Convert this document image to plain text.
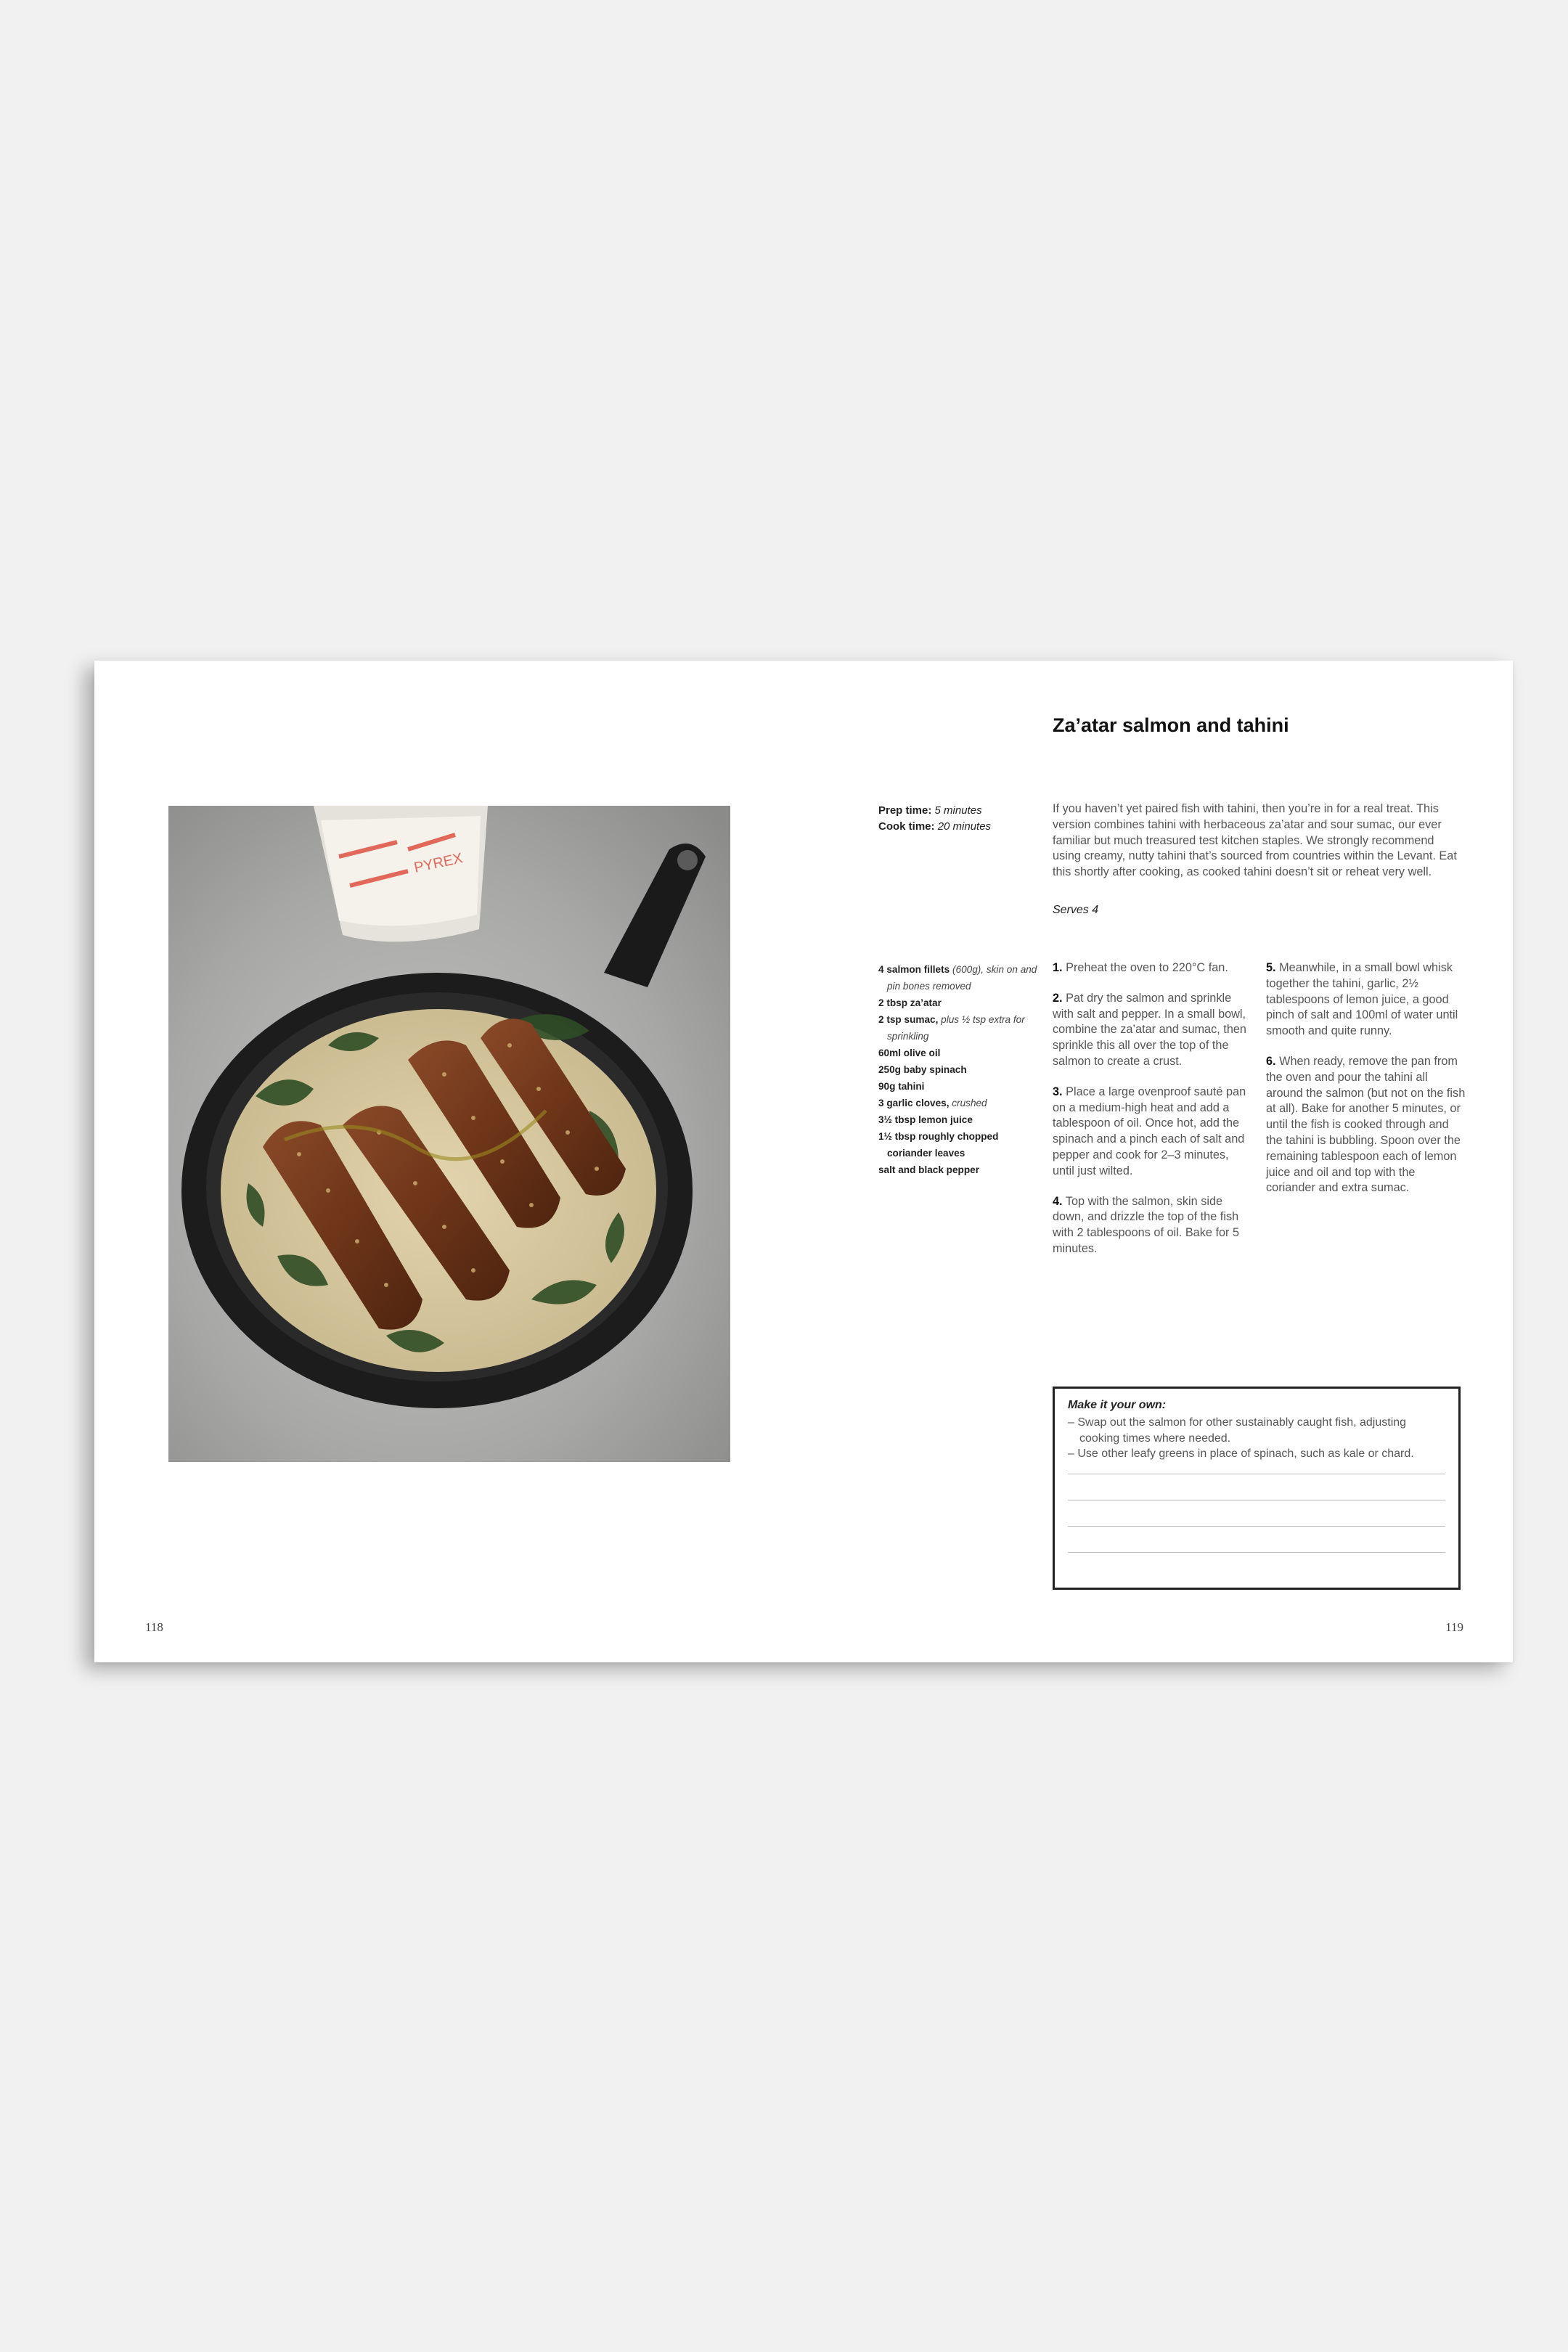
PYREX
Za’atar salmon and tahini
Prep time: 5 minutes
Cook time: 20 minutes
If you haven’t yet paired fish with tahini, then you’re in for a real treat. This version combines tahini with herbaceous za’atar and sour sumac, our ever familiar but much treasured test kitchen staples. We strongly recommend using creamy, nutty tahini that’s sourced from countries within the Levant. Eat this shortly after cooking, as cooked tahini doesn’t sit or reheat very well.
Serves 4
4 salmon fillets (600g), skin on and pin bones removed
2 tbsp za’atar
2 tsp sumac, plus ½ tsp extra for sprinkling
60ml olive oil
250g baby spinach
90g tahini
3 garlic cloves, crushed
3½ tbsp lemon juice
1½ tbsp roughly chopped coriander leaves
salt and black pepper

1. Preheat the oven to 220°C fan.

2. Pat dry the salmon and sprinkle with salt and pepper. In a small bowl, combine the za’atar and sumac, then sprinkle this all over the top of the salmon to create a crust.

3. Place a large ovenproof sauté pan on a medium-high heat and add a tablespoon of oil. Once hot, add the spinach and a pinch each of salt and pepper and cook for 2–3 minutes, until just wilted.

4. Top with the salmon, skin side down, and drizzle the top of the fish with 2 tablespoons of oil. Bake for 5 minutes.

5. Meanwhile, in a small bowl whisk together the tahini, garlic, 2½ tablespoons of lemon juice, a good pinch of salt and 100ml of water until smooth and quite runny.

6. When ready, remove the pan from the oven and pour the tahini all around the salmon (but not on the fish at all). Bake for another 5 minutes, or until the fish is cooked through and the tahini is bubbling. Spoon over the remaining tablespoon each of lemon juice and oil and top with the coriander and extra sumac.

Make it your own:
– Swap out the salmon for other sustainably caught fish, adjusting cooking times where needed.
– Use other leafy greens in place of spinach, such as kale or chard.
118	119
